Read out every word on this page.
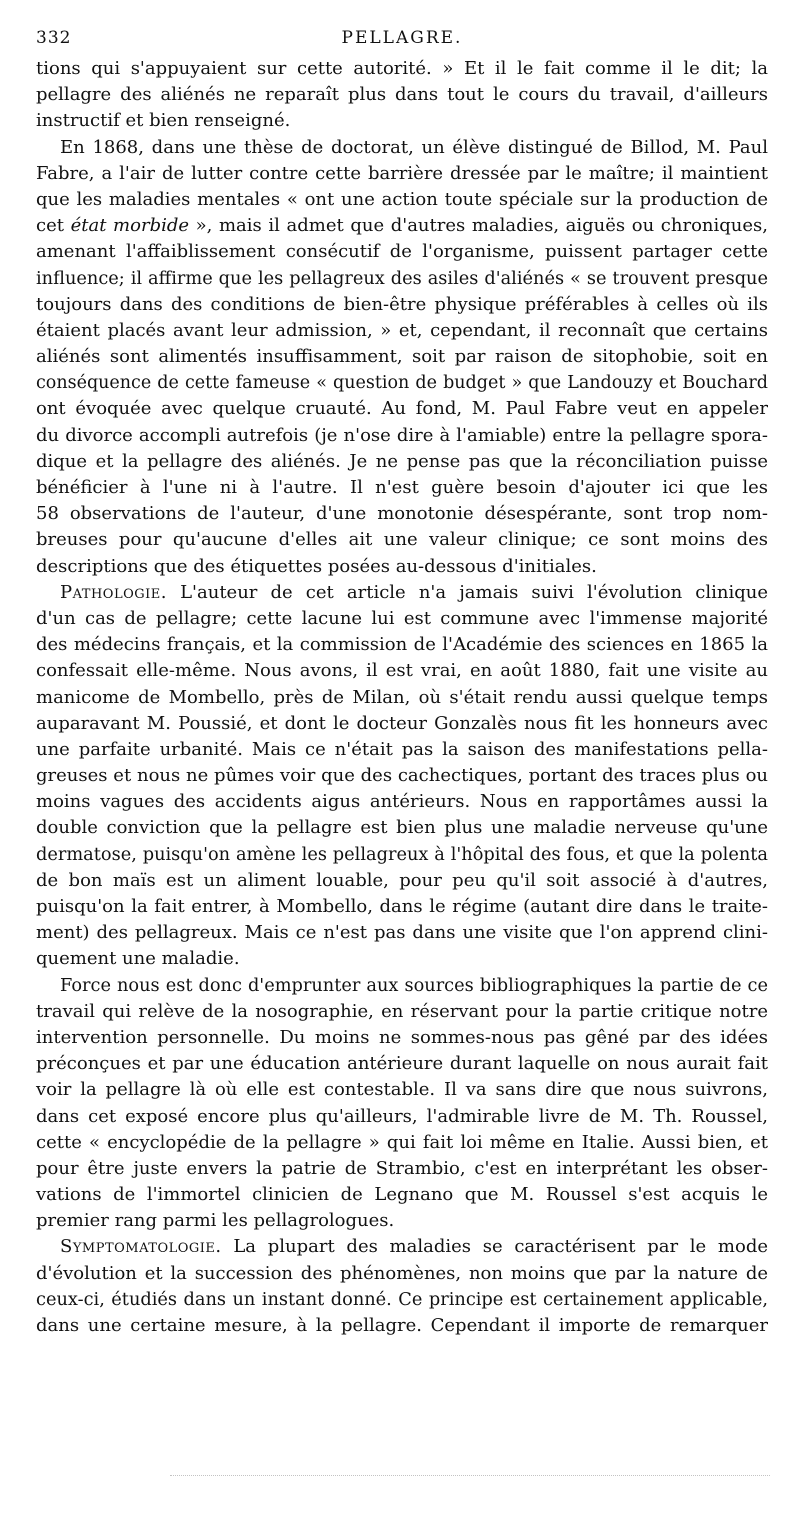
332	PELLAGRE.
tions qui s'appuyaient sur cette autorité. » Et il le fait comme il le dit; la
pellagre des aliénés ne reparaît plus dans tout le cours du travail, d'ailleurs
instructif et bien renseigné.
En 1868, dans une thèse de doctorat, un élève distingué de Billod, M. Paul
Fabre, a l'air de lutter contre cette barrière dressée par le maître; il maintient
que les maladies mentales « ont une action toute spéciale sur la production de
cet état morbide », mais il admet que d'autres maladies, aiguës ou chroniques,
amenant l'affaiblissement consécutif de l'organisme, puissent partager cette
influence; il affirme que les pellagreux des asiles d'aliénés « se trouvent presque
toujours dans des conditions de bien-être physique préférables à celles où ils
étaient placés avant leur admission, » et, cependant, il reconnaît que certains
aliénés sont alimentés insuffisamment, soit par raison de sitophobie, soit en
conséquence de cette fameuse « question de budget » que Landouzy et Bouchard
ont évoquée avec quelque cruauté. Au fond, M. Paul Fabre veut en appeler
du divorce accompli autrefois (je n'ose dire à l'amiable) entre la pellagre spora-
dique et la pellagre des aliénés. Je ne pense pas que la réconciliation puisse
bénéficier à l'une ni à l'autre. Il n'est guère besoin d'ajouter ici que les
58 observations de l'auteur, d'une monotonie désespérante, sont trop nom-
breuses pour qu'aucune d'elles ait une valeur clinique; ce sont moins des
descriptions que des étiquettes posées au-dessous d'initiales.
Pathologie. L'auteur de cet article n'a jamais suivi l'évolution clinique
d'un cas de pellagre; cette lacune lui est commune avec l'immense majorité
des médecins français, et la commission de l'Académie des sciences en 1865 la
confessait elle-même. Nous avons, il est vrai, en août 1880, fait une visite au
manicome de Mombello, près de Milan, où s'était rendu aussi quelque temps
auparavant M. Poussié, et dont le docteur Gonzalès nous fit les honneurs avec
une parfaite urbanité. Mais ce n'était pas la saison des manifestations pella-
greuses et nous ne pûmes voir que des cachectiques, portant des traces plus ou
moins vagues des accidents aigus antérieurs. Nous en rapportâmes aussi la
double conviction que la pellagre est bien plus une maladie nerveuse qu'une
dermatose, puisqu'on amène les pellagreux à l'hôpital des fous, et que la polenta
de bon maïs est un aliment louable, pour peu qu'il soit associé à d'autres,
puisqu'on la fait entrer, à Mombello, dans le régime (autant dire dans le traite-
ment) des pellagreux. Mais ce n'est pas dans une visite que l'on apprend clini-
quement une maladie.
Force nous est donc d'emprunter aux sources bibliographiques la partie de ce
travail qui relève de la nosographie, en réservant pour la partie critique notre
intervention personnelle. Du moins ne sommes-nous pas gêné par des idées
préconçues et par une éducation antérieure durant laquelle on nous aurait fait
voir la pellagre là où elle est contestable. Il va sans dire que nous suivrons,
dans cet exposé encore plus qu'ailleurs, l'admirable livre de M. Th. Roussel,
cette « encyclopédie de la pellagre » qui fait loi même en Italie. Aussi bien, et
pour être juste envers la patrie de Strambio, c'est en interprétant les obser-
vations de l'immortel clinicien de Legnano que M. Roussel s'est acquis le
premier rang parmi les pellagrologues.
Symptomatologie. La plupart des maladies se caractérisent par le mode
d'évolution et la succession des phénomènes, non moins que par la nature de
ceux-ci, étudiés dans un instant donné. Ce principe est certainement applicable,
dans une certaine mesure, à la pellagre. Cependant il importe de remarquer
